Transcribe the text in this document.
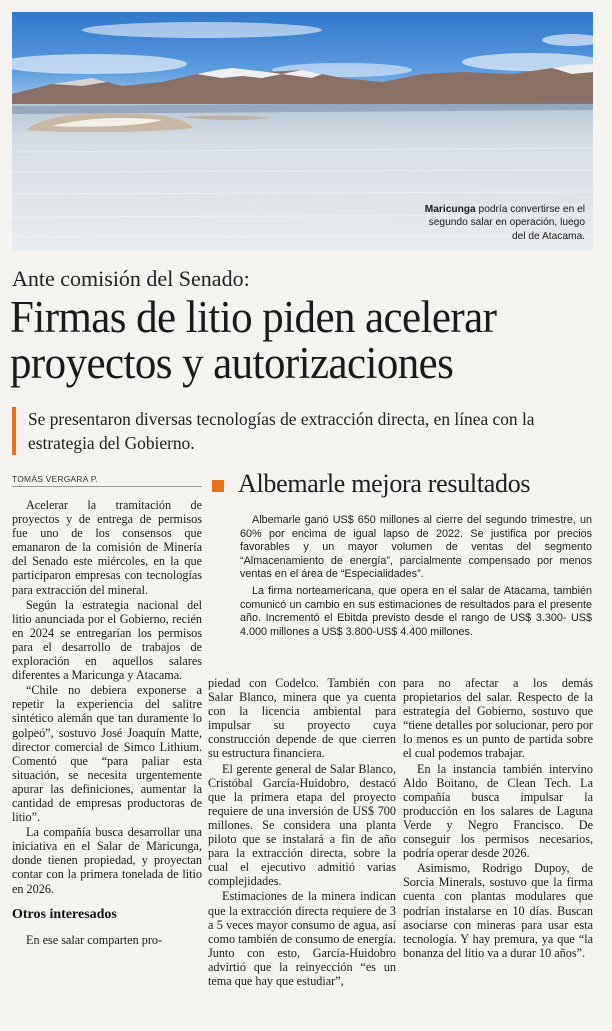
Maricunga podría convertirse en el segundo salar en operación, luego del de Atacama.
Ante comisión del Senado:
Firmas de litio piden acelerar proyectos y autorizaciones
Se presentaron diversas tecnologías de extracción directa, en línea con la estrategia del Gobierno.
TOMÁS VERGARA P.

Acelerar la tramitación de proyectos y de entrega de permisos fue uno de los consensos que emanaron de la comisión de Minería del Senado este miércoles, en la que participaron empresas con tecnologías para extracción del mineral.

Según la estrategia nacional del litio anunciada por el Gobierno, recién en 2024 se entregarían los permisos para el desarrollo de trabajos de exploración en aquellos salares diferentes a Maricunga y Atacama.

“Chile no debiera exponerse a repetir la experiencia del salitre sintético alemán que tan duramente lo golpeó”, sostuvo José Joaquín Matte, director comercial de Simco Lithium. Comentó que “para paliar esta situación, se necesita urgentemente apurar las definiciones, aumentar la cantidad de empresas productoras de litio”.

La compañía busca desarrollar una iniciativa en el Salar de Maricunga, donde tienen propiedad, y proyectan contar con la primera tonelada de litio en 2026.

Otros interesados

En ese salar comparten pro-

Albemarle mejora resultados

Albemarle ganó US$ 650 millones al cierre del segundo trimestre, un 60% por encima de igual lapso de 2022. Se justifica por precios favorables y un mayor volumen de ventas del segmento “Almacenamiento de energía”, parcialmente compensado por menos ventas en el área de “Especialidades”.

La firma norteamericana, que opera en el salar de Atacama, también comunicó un cambio en sus estimaciones de resultados para el presente año. Incrementó el Ebitda previsto desde el rango de US$ 3.300- US$ 4.000 millones a US$ 3.800-US$ 4.400 millones.

piedad con Codelco. También con Salar Blanco, minera que ya cuenta con la licencia ambiental para impulsar su proyecto cuya construcción depende de que cierren su estructura financiera.

El gerente general de Salar Blanco, Cristóbal García-Huidobro, destacó que la primera etapa del proyecto requiere de una inversión de US$ 700 millones. Se considera una planta piloto que se instalará a fin de año para la extracción directa, sobre la cual el ejecutivo admitió varias complejidades.

Estimaciones de la minera indican que la extracción directa requiere de 3 a 5 veces mayor consumo de agua, así como también de consumo de energía. Junto con esto, García-Huidobro advirtió que la reinyección “es un tema que hay que estudiar”,

para no afectar a los demás propietarios del salar. Respecto de la estrategia del Gobierno, sostuvo que “tiene detalles por solucionar, pero por lo menos es un punto de partida sobre el cual podemos trabajar.

En la instancia también intervino Aldo Boitano, de Clean Tech. La compañía busca impulsar la producción en los salares de Laguna Verde y Negro Francisco. De conseguir los permisos necesarios, podría operar desde 2026.

Asimismo, Rodrigo Dupoy, de Sorcia Minerals, sostuvo que la firma cuenta con plantas modulares que podrían instalarse en 10 días. Buscan asociarse con mineras para usar esta tecnología. Y hay premura, ya que “la bonanza del litio va a durar 10 años”.
